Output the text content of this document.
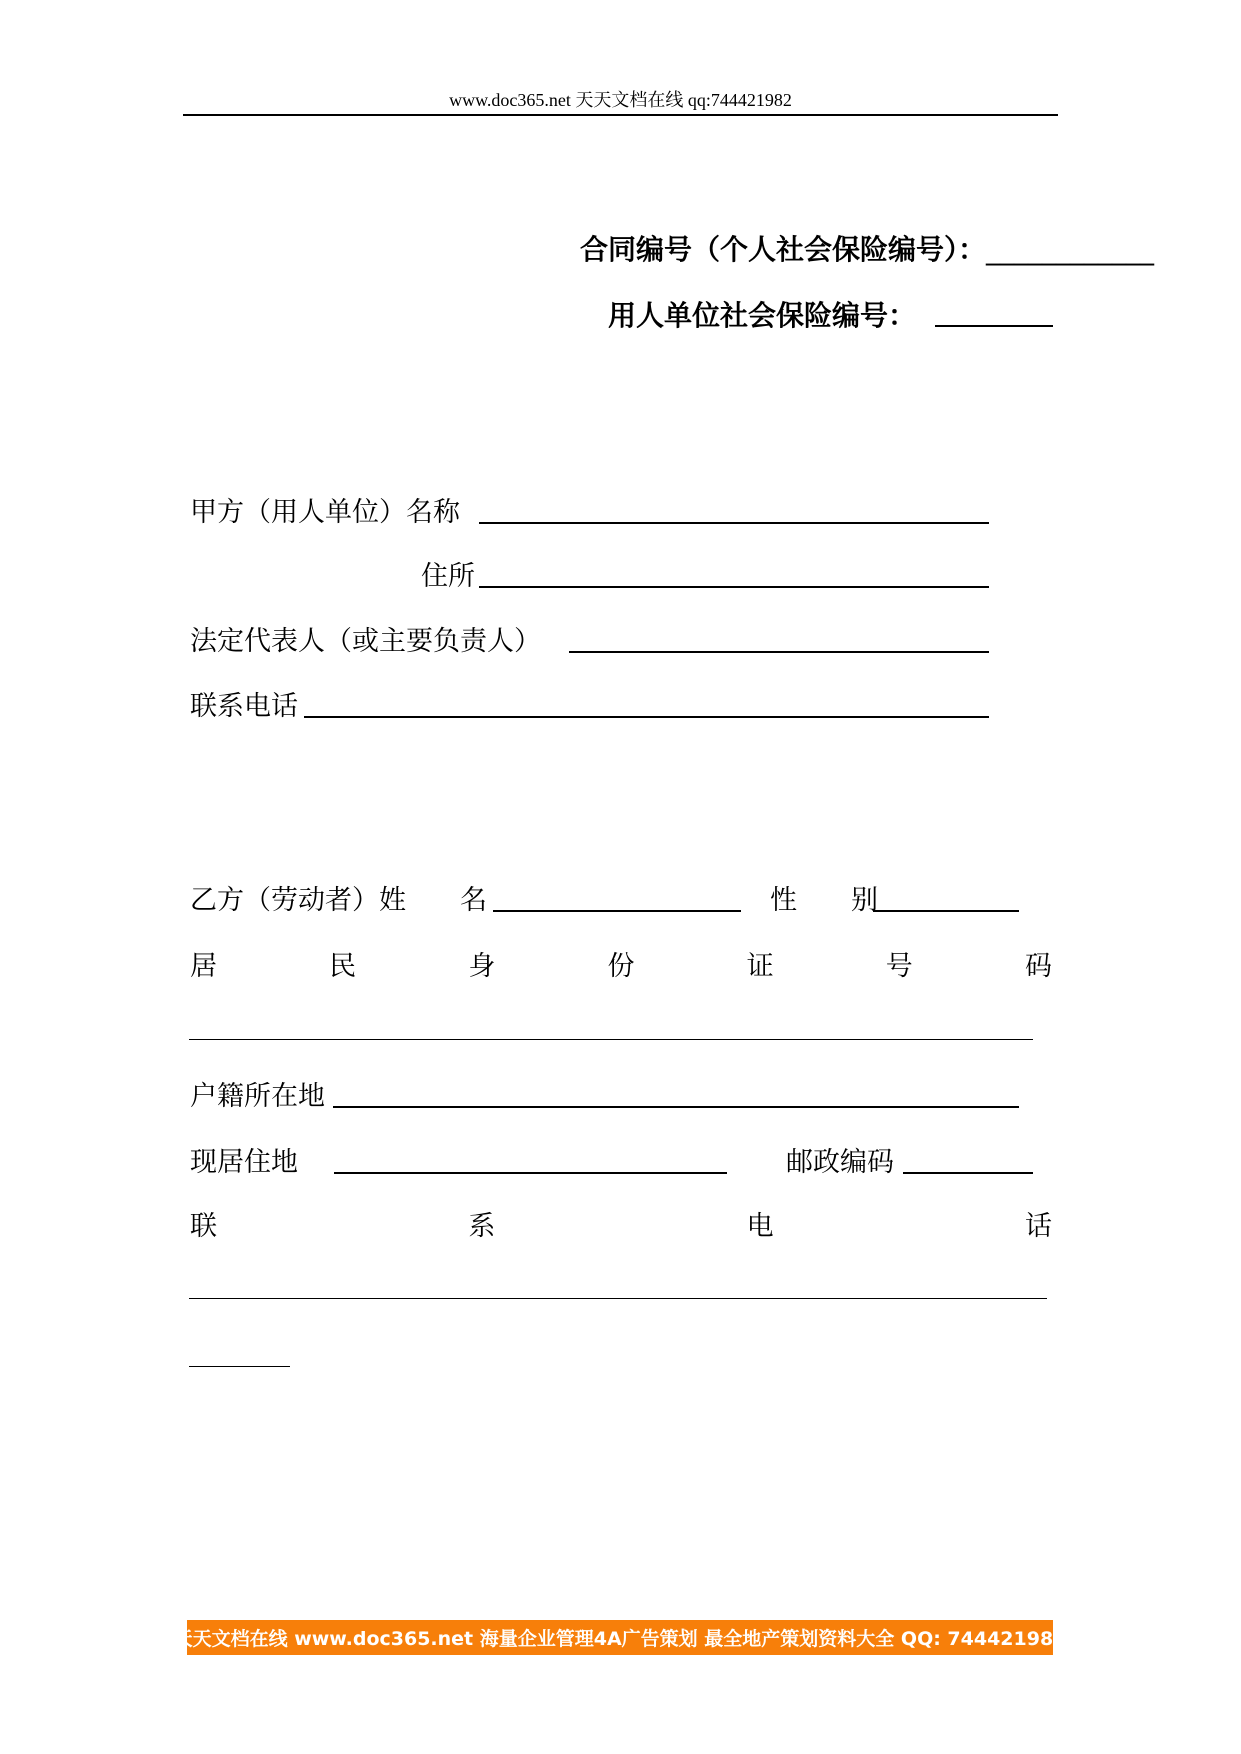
www.doc365.net 天天文档在线 qq:744421982
合同编号（个人社会保险编号）：____________
用人单位社会保险编号：
甲方（用人单位）名称
住所
法定代表人（或主要负责人）
联系电话
乙方（劳动者）姓　　名	性　　别
居	民	身	份	证	号	码
户籍所在地
现居住地	邮政编码
联	系	电	话
天天文档在线 www.doc365.net 海量企业管理4A广告策划 最全地产策划资料大全 QQ: 744421982
